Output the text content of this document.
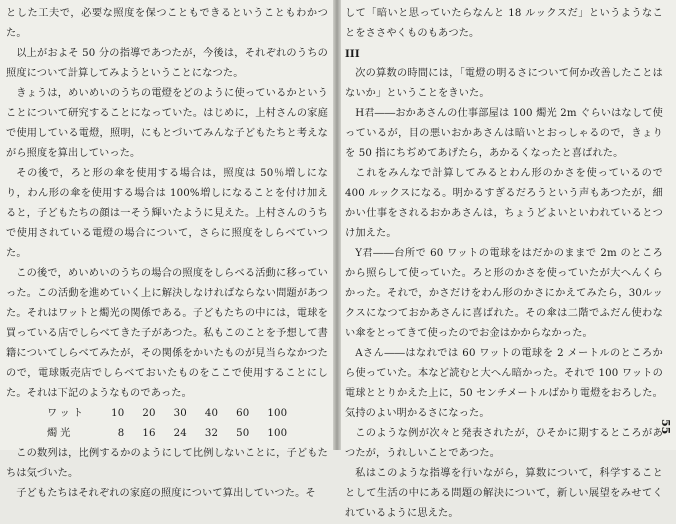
とした工夫で，必要な照度を保つこともできるということもわかつた。

以上がおよそ 50 分の指導であつたが，今後は，それぞれのうちの照度について計算してみようということになつた。

きょうは，めいめいのうちの電燈をどのように使っているかということについて研究することになっていた。はじめに，上村さんの家庭で使用している電燈，照明，にもとづいてみんな子どもたちと考えながら照度を算出していった。

その後で，ろと形の傘を使用する場合は，照度は 50％増しになり，わん形の傘を使用する場合は 100%増しになることを付け加えると，子どもたちの顔は一そう輝いたように見えた。上村さんのうちで使用されている電燈の場合について，さらに照度をしらべていつた。

この後で，めいめいのうちの場合の照度をしらべる活動に移っていった。この活動を進めていく上に解決しなければならない問題があつた。それはワットと燭光の関係である。子どもたちの中には，電球を買っている店でしらべてきた子があつた。私もこのことを予想して書籍についてしらべてみたが，その関係をかいたものが見当らなかつたので，電球販売店でしらべておいたものをここで使用することにした。それは下記のようなものであった。

ワット	10	20	30	40	60	100
燭光	8	16	24	32	50	100

この数列は，比例するかのようにして比例しないことに，子どもたちは気づいた。

子どもたちはそれぞれの家庭の照度について算出していつた。そ

して「暗いと思っていたらなんと 18 ルックスだ」というようなことをささやくものもあつた。

III

次の算数の時間には，「電燈の明るさについて何か改善したことはないか」ということをきいた。

H君――おかあさんの仕事部屋は 100 燭光 2m ぐらいはなして使っているが，目の悪いおかあさんは暗いとおっしゃるので，きょりを 50 指にちぢめてあげたら，あかるくなったと喜ばれた。

これをみんなで計算してみるとわん形のかさを使っているので 400 ルックスになる。明かるすぎるだろうという声もあつたが，細かい仕事をされるおかあさんは，ちょうどよいといわれているとつけ加えた。

Y君――台所で 60 ワットの電球をはだかのままで 2m のところから照らして使っていた。ろと形のかさを使っていたが大へんくらかった。それで，かさだけをわん形のかさにかえてみたら，30ルックスになつておかあさんに喜ばれた。その傘は二階でふだん使わない傘をとってきて使ったのでお金はかからなかった。

Aさん――はなれでは 60 ワットの電球を 2 メートルのところから使っていた。本など読むと大へん暗かった。それで 100 ワットの電球ととりかえた上に，50 センチメートルばかり電燈をおろした。気持のよい明かるさになった。

このような例が次々と発表されたが，ひそかに期するところがあつたが，うれしいことであつた。

私はこのような指導を行いながら，算数について，科学することとして生活の中にある問題の解決について，新しい展望をみせてくれているように思えた。

55
